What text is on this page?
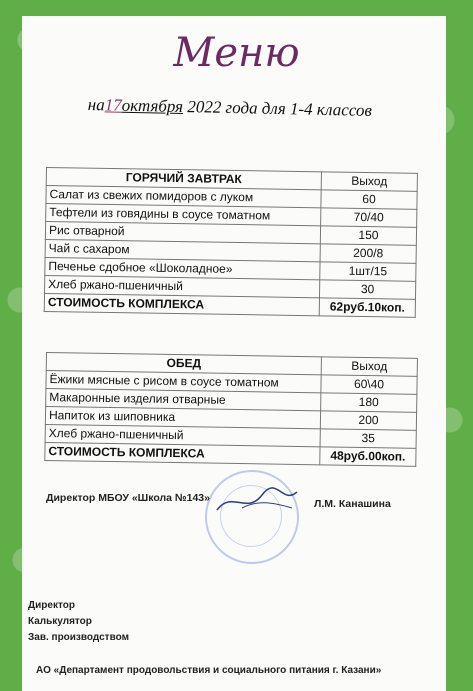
Меню
на17октября 2022 года для 1-4 классов
ГОРЯЧИЙ ЗАВТРАК	Выход
Салат из свежих помидоров с луком	60
Тефтели из говядины в соусе томатном	70/40
Рис отварной	150
Чай с сахаром	200/8
Печенье сдобное «Шоколадное»	1шт/15
Хлеб ржано-пшеничный	30
СТОИМОСТЬ КОМПЛЕКСА	62руб.10коп.
ОБЕД	Выход
Ёжики мясные с рисом в соусе томатном	60\40
Макаронные изделия отварные	180
Напиток из шиповника	200
Хлеб ржано-пшеничный	35
СТОИМОСТЬ КОМПЛЕКСА	48руб.00коп.
Директор МБОУ «Школа №143»	Л.М. Канашина
Директор
Калькулятор
Зав. производством
АО «Департамент продовольствия и социального питания г. Казани»
